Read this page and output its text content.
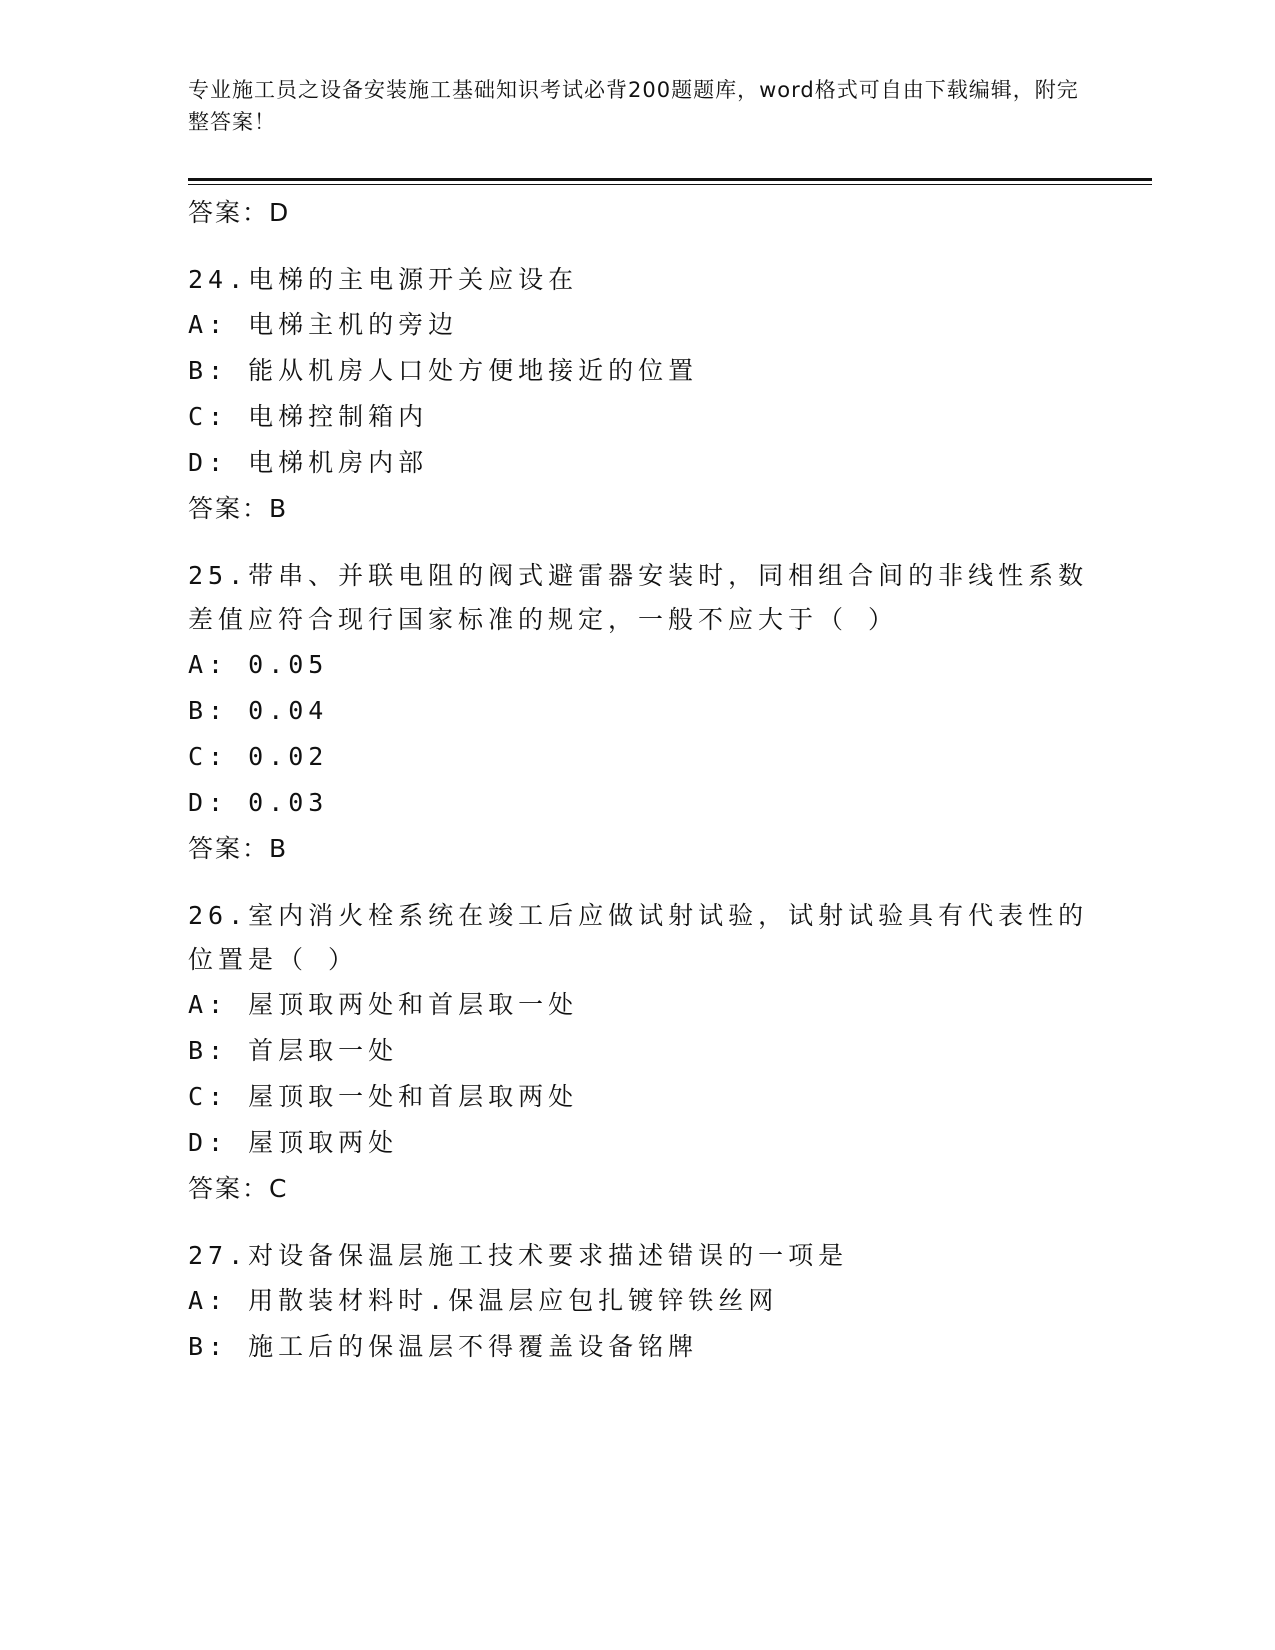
专业施工员之设备安装施工基础知识考试必背200题题库，word格式可自由下载编辑，附完整答案！
答案：D
24.电梯的主电源开关应设在
A: 电梯主机的旁边
B: 能从机房人口处方便地接近的位置
C: 电梯控制箱内
D: 电梯机房内部
答案：B
25.带串、并联电阻的阀式避雷器安装时，同相组合间的非线性系数差值应符合现行国家标准的规定，一般不应大于（ ）
A: 0.05
B: 0.04
C: 0.02
D: 0.03
答案：B
26.室内消火栓系统在竣工后应做试射试验，试射试验具有代表性的位置是（ ）
A: 屋顶取两处和首层取一处
B: 首层取一处
C: 屋顶取一处和首层取两处
D: 屋顶取两处
答案：C
27.对设备保温层施工技术要求描述错误的一项是
A: 用散装材料时.保温层应包扎镀锌铁丝网
B: 施工后的保温层不得覆盖设备铭牌
